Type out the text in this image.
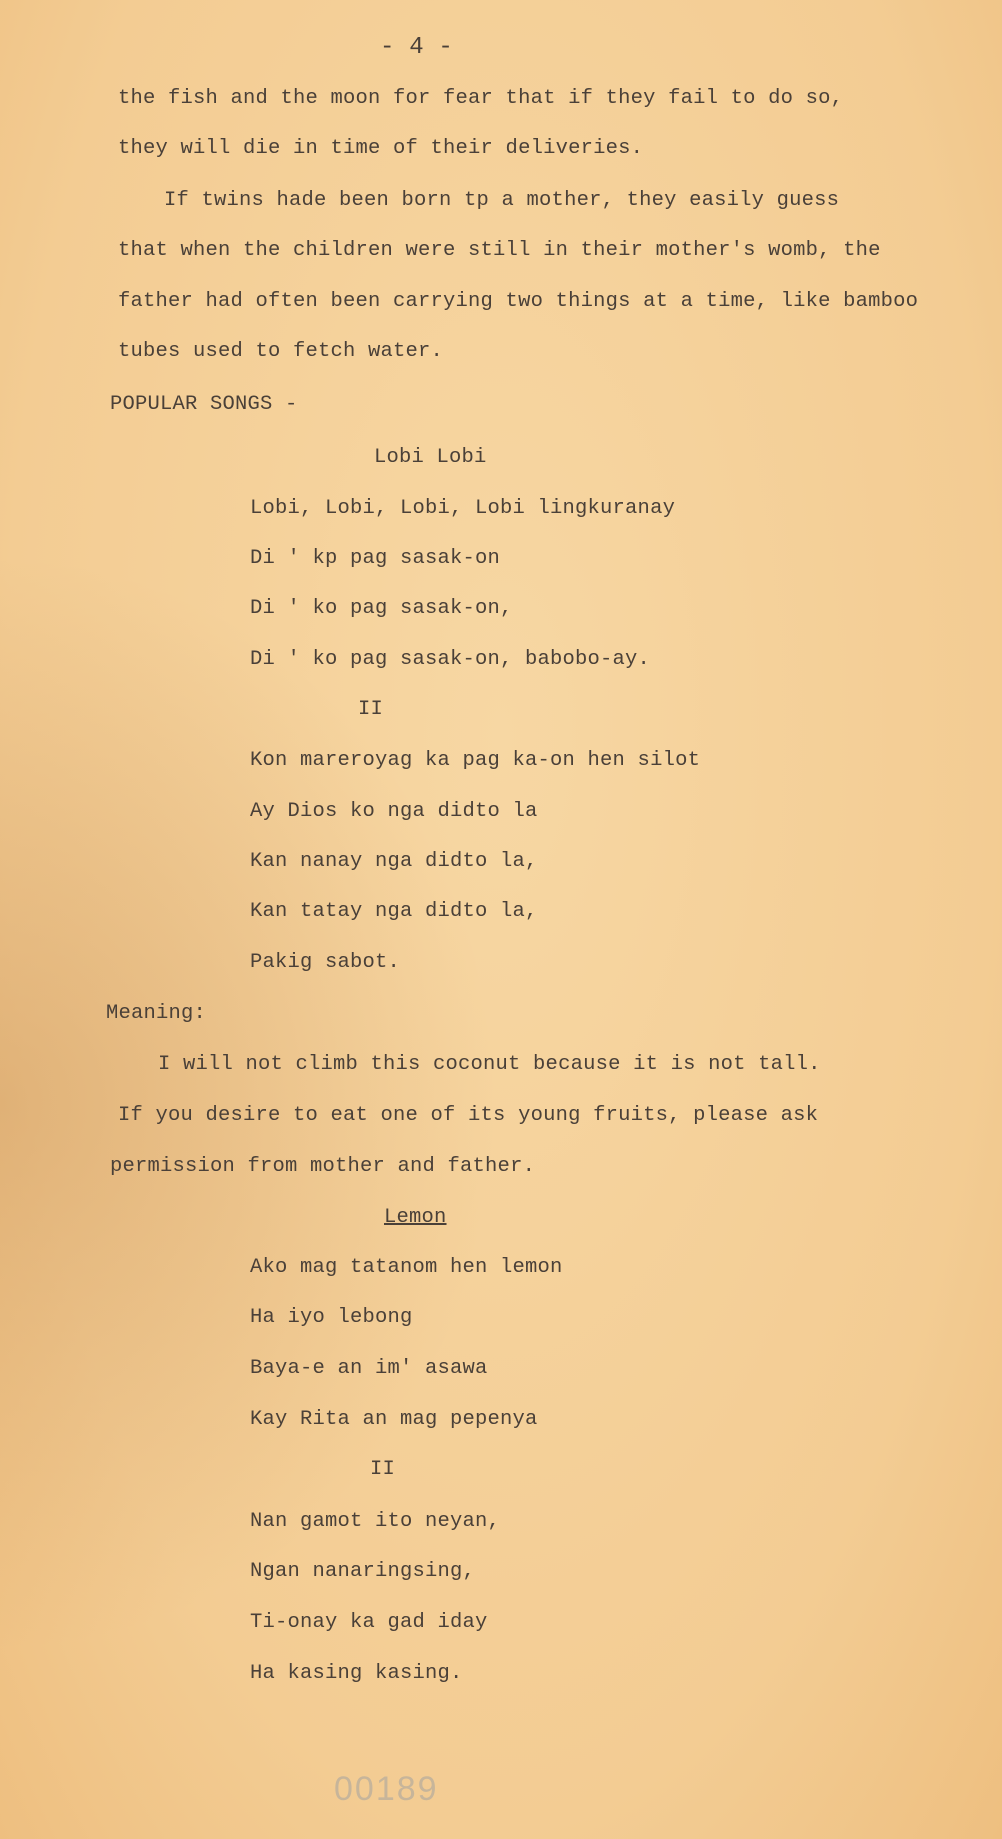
- 4 -
the fish and the moon for fear that if they fail to do so,
they will die in time of their deliveries.
If twins hade been born tp a mother, they easily guess
that when the children were still in their mother's womb, the
father had often been carrying two things at a time, like bamboo
tubes used to fetch water.
POPULAR SONGS -
Lobi Lobi
Lobi, Lobi, Lobi, Lobi lingkuranay
Di ' kp pag sasak-on
Di ' ko pag sasak-on,
Di ' ko pag sasak-on, babobo-ay.
II
Kon mareroyag ka pag ka-on hen silot
Ay Dios ko nga didto la
Kan nanay nga didto la,
Kan tatay nga didto la,
Pakig sabot.
Meaning:
I will not climb this coconut because it is not tall.
If you desire to eat one of its young fruits, please ask
permission from mother and father.
Lemon
Ako mag tatanom hen lemon
Ha iyo lebong
Baya-e an im' asawa
Kay Rita an mag pepenya
II
Nan gamot ito neyan,
Ngan nanaringsing,
Ti-onay ka gad iday
Ha kasing kasing.
00189
